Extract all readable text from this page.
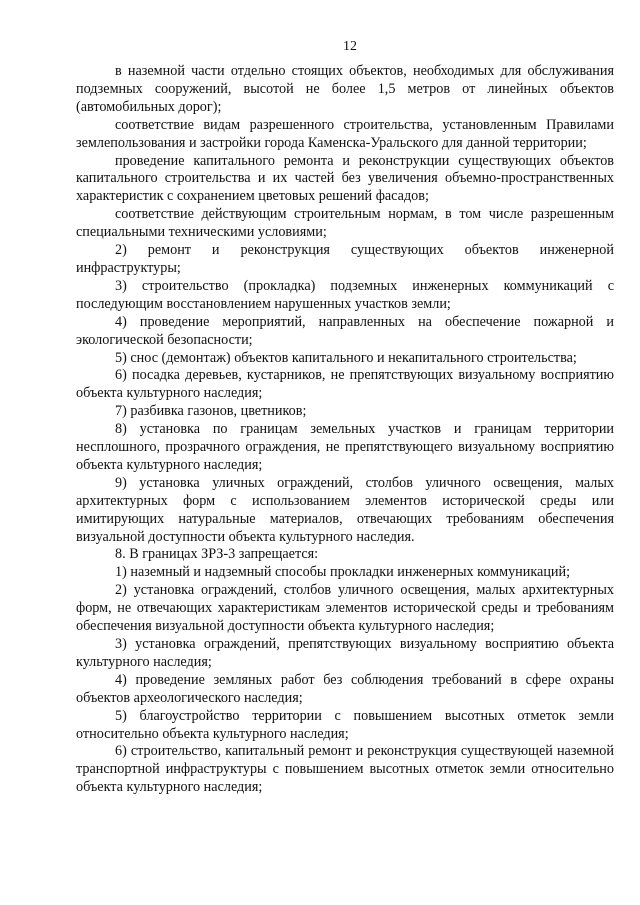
12

в наземной части отдельно стоящих объектов, необходимых для обслуживания подземных сооружений, высотой не более 1,5 метров от линейных объектов (автомобильных дорог);

соответствие видам разрешенного строительства, установленным Правилами землепользования и застройки города Каменска-Уральского для данной территории;

проведение капитального ремонта и реконструкции существующих объектов капитального строительства и их частей без увеличения объемно-пространственных характеристик с сохранением цветовых решений фасадов;

соответствие действующим строительным нормам, в том числе разрешенным специальными техническими условиями;

2) ремонт и реконструкция существующих объектов инженерной инфраструктуры;

3) строительство (прокладка) подземных инженерных коммуникаций с последующим восстановлением нарушенных участков земли;

4) проведение мероприятий, направленных на обеспечение пожарной и экологической безопасности;

5) снос (демонтаж) объектов капитального и некапитального строительства;

6) посадка деревьев, кустарников, не препятствующих визуальному восприятию объекта культурного наследия;

7) разбивка газонов, цветников;

8) установка по границам земельных участков и границам территории несплошного, прозрачного ограждения, не препятствующего визуальному восприятию объекта культурного наследия;

9) установка уличных ограждений, столбов уличного освещения, малых архитектурных форм с использованием элементов исторической среды или имитирующих натуральные материалов, отвечающих требованиям обеспечения визуальной доступности объекта культурного наследия.

8. В границах ЗРЗ-3 запрещается:

1) наземный и надземный способы прокладки инженерных коммуникаций;

2) установка ограждений, столбов уличного освещения, малых архитектурных форм, не отвечающих характеристикам элементов исторической среды и требованиям обеспечения визуальной доступности объекта культурного наследия;

3) установка ограждений, препятствующих визуальному восприятию объекта культурного наследия;

4) проведение земляных работ без соблюдения требований в сфере охраны объектов археологического наследия;

5) благоустройство территории с повышением высотных отметок земли относительно объекта культурного наследия;

6) строительство, капитальный ремонт и реконструкция существующей наземной транспортной инфраструктуры с повышением высотных отметок земли относительно объекта культурного наследия;
